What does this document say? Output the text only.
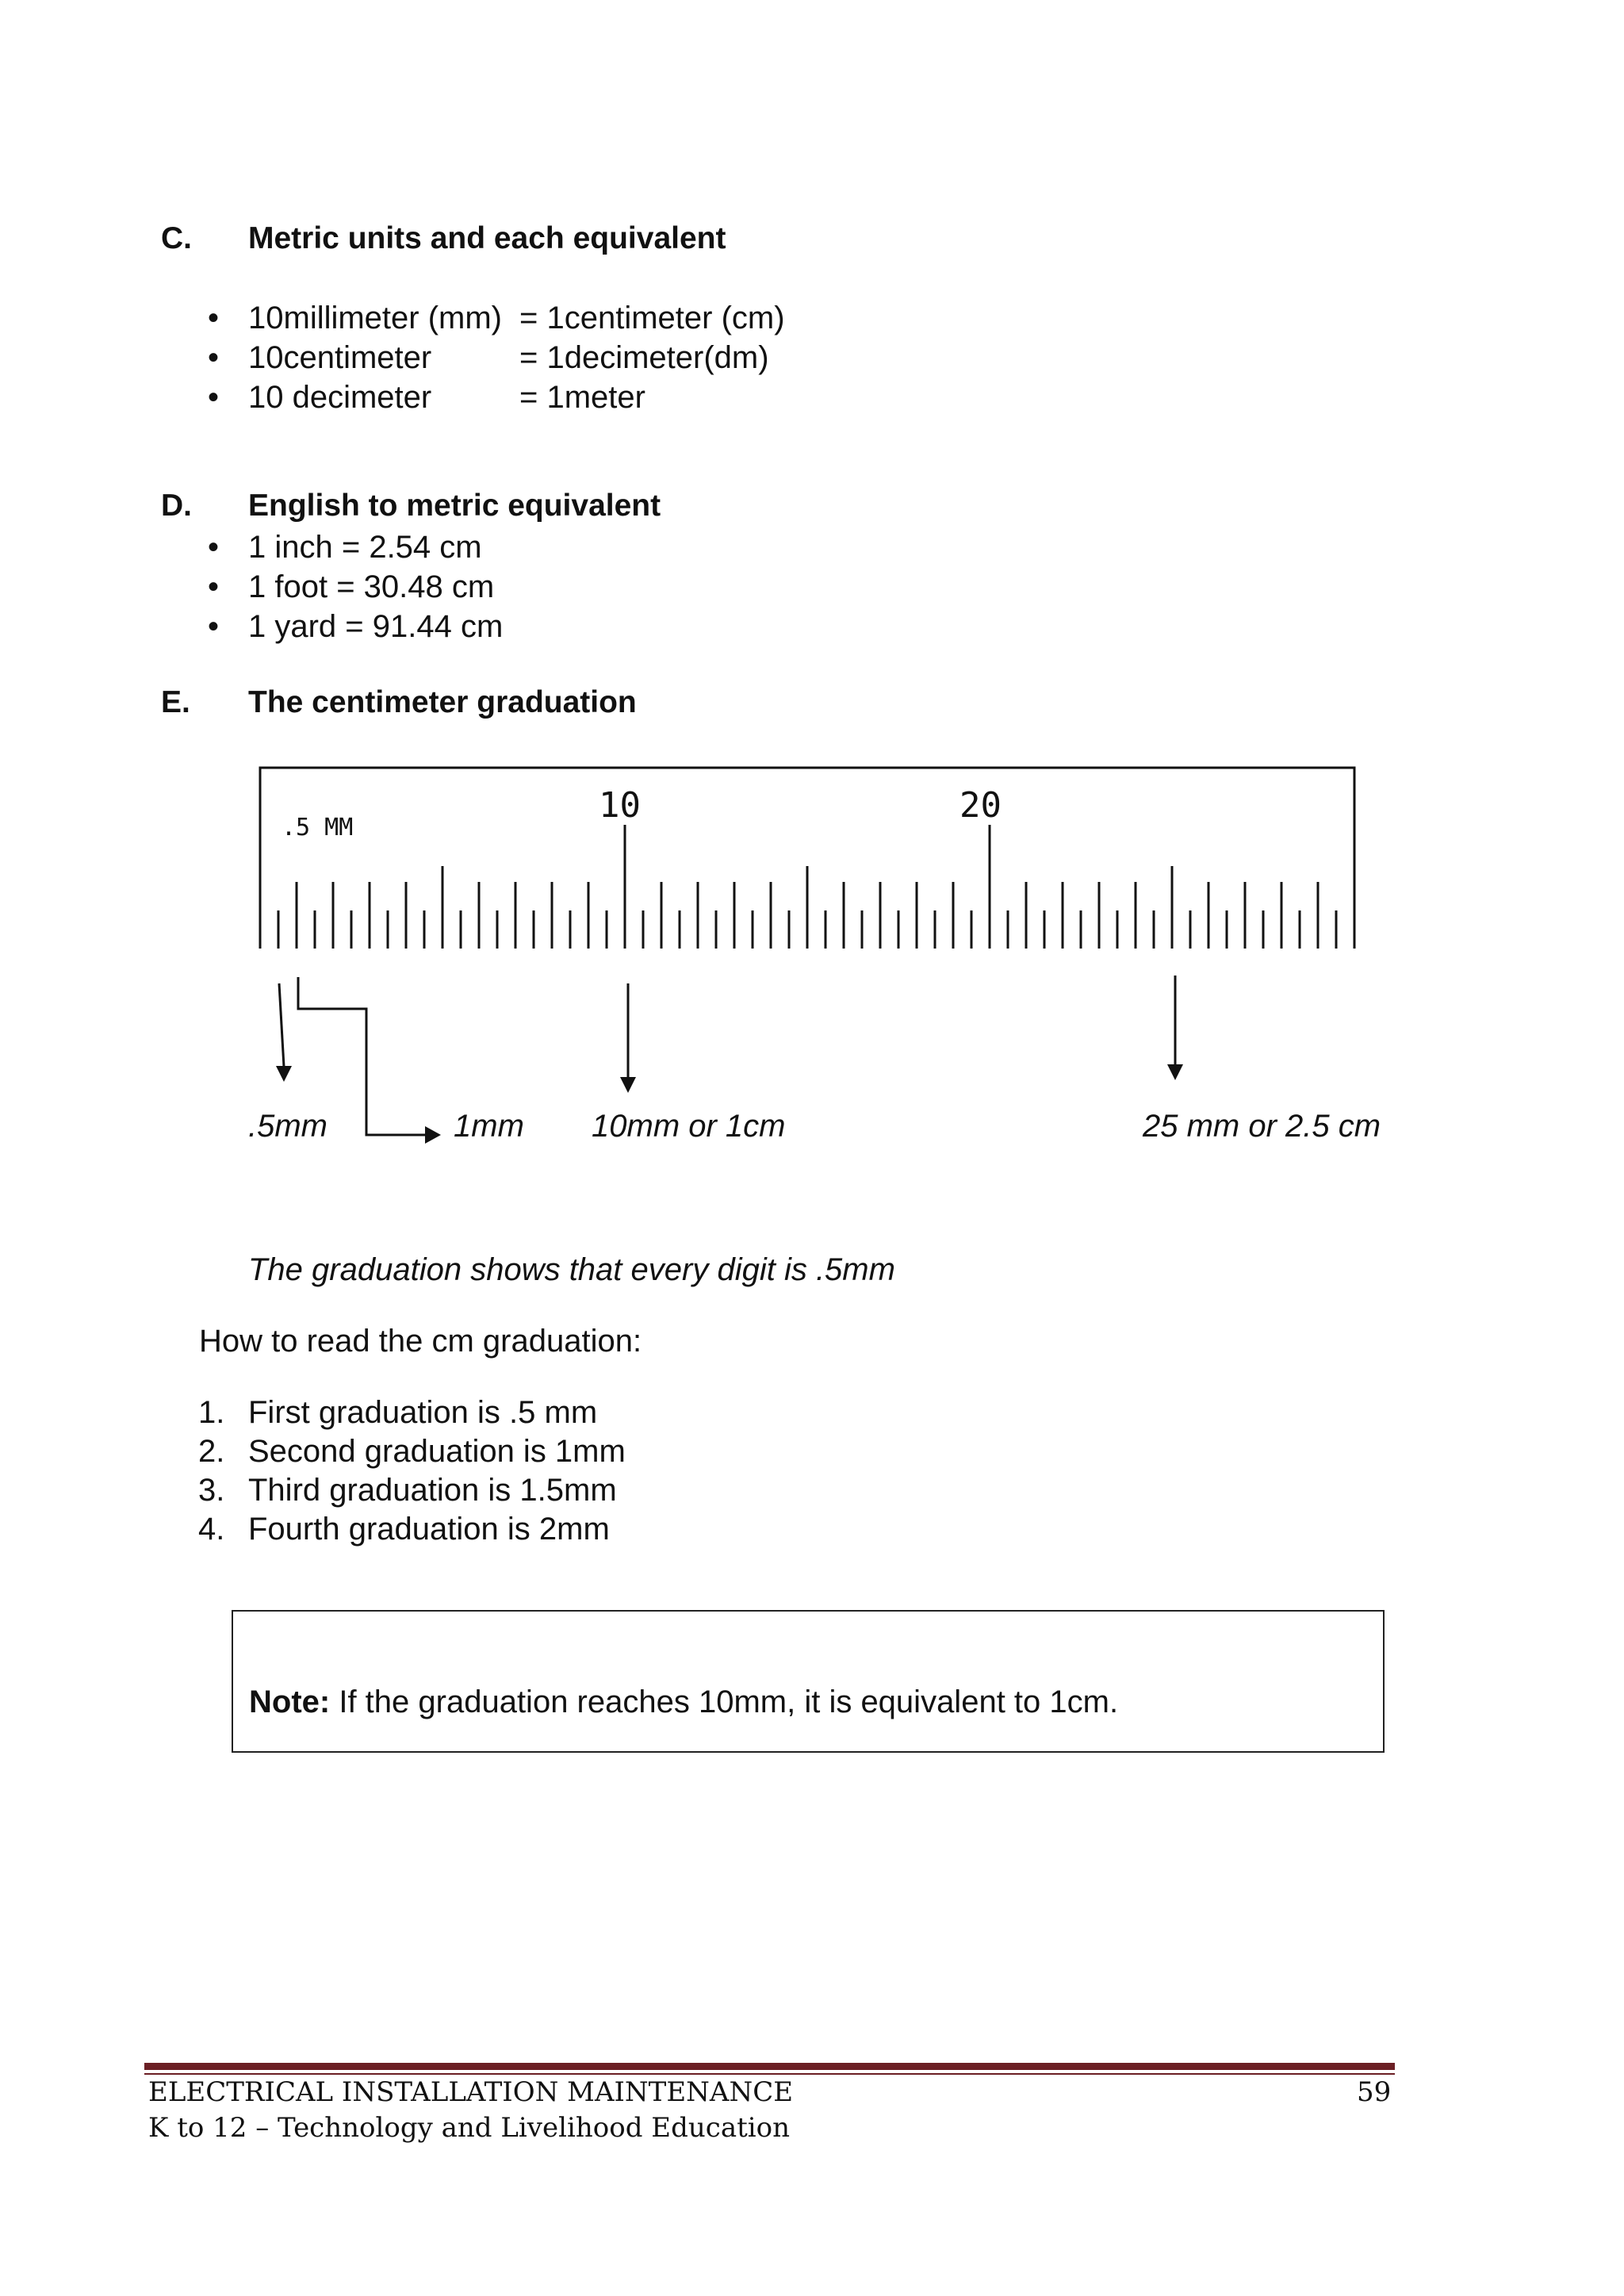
C. Metric units and each equivalent
• 10millimeter (mm) = 1centimeter (cm)
• 10centimeter	= 1decimeter(dm)
• 10 decimeter	= 1meter
D. English to metric equivalent
• 1 inch = 2.54 cm
• 1 foot = 30.48 cm
• 1 yard = 91.44 cm
E. The centimeter graduation
.5 MM
10	20
.5mm	1mm 10mm or 1cm	25 mm or 2.5 cm
The graduation shows that every digit is .5mm
How to read the cm graduation:
1. First graduation is .5 mm
2. Second graduation is 1mm
3. Third graduation is 1.5mm
4. Fourth graduation is 2mm
Note: If the graduation reaches 10mm, it is equivalent to 1cm.
ELECTRICAL INSTALLATION MAINTENANCE
K to 12 – Technology and Livelihood Education
59
